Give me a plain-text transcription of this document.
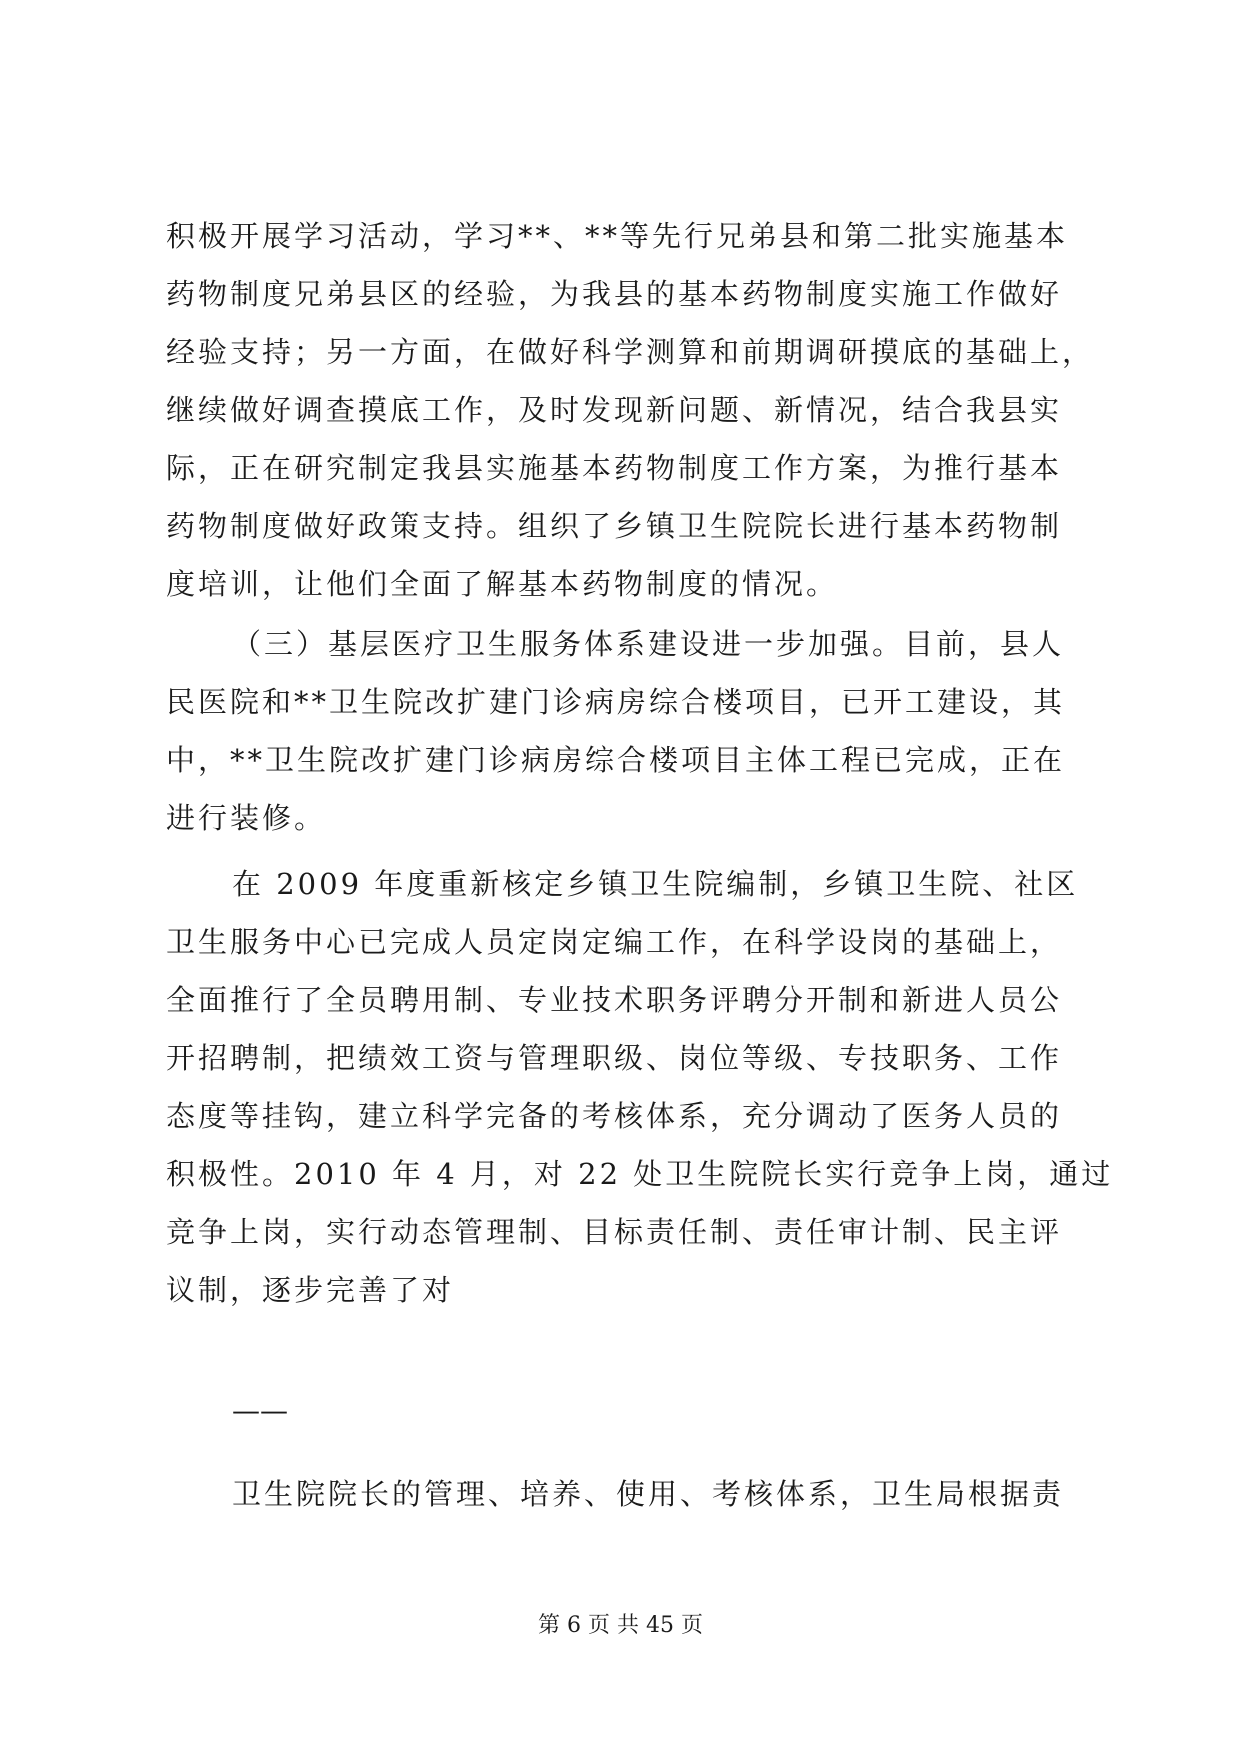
积极开展学习活动，学习**、**等先行兄弟县和第二批实施基本
药物制度兄弟县区的经验，为我县的基本药物制度实施工作做好
经验支持；另一方面，在做好科学测算和前期调研摸底的基础上，
继续做好调查摸底工作，及时发现新问题、新情况，结合我县实
际，正在研究制定我县实施基本药物制度工作方案，为推行基本
药物制度做好政策支持。组织了乡镇卫生院院长进行基本药物制
度培训，让他们全面了解基本药物制度的情况。
（三）基层医疗卫生服务体系建设进一步加强。目前，县人
民医院和**卫生院改扩建门诊病房综合楼项目，已开工建设，其
中，**卫生院改扩建门诊病房综合楼项目主体工程已完成，正在
进行装修。
在 2009 年度重新核定乡镇卫生院编制，乡镇卫生院、社区
卫生服务中心已完成人员定岗定编工作，在科学设岗的基础上，
全面推行了全员聘用制、专业技术职务评聘分开制和新进人员公
开招聘制，把绩效工资与管理职级、岗位等级、专技职务、工作
态度等挂钩，建立科学完备的考核体系，充分调动了医务人员的
积极性。2010 年 4 月，对 22 处卫生院院长实行竞争上岗，通过
竞争上岗，实行动态管理制、目标责任制、责任审计制、民主评
议制，逐步完善了对
——
卫生院院长的管理、培养、使用、考核体系，卫生局根据责
第 6 页 共 45 页
